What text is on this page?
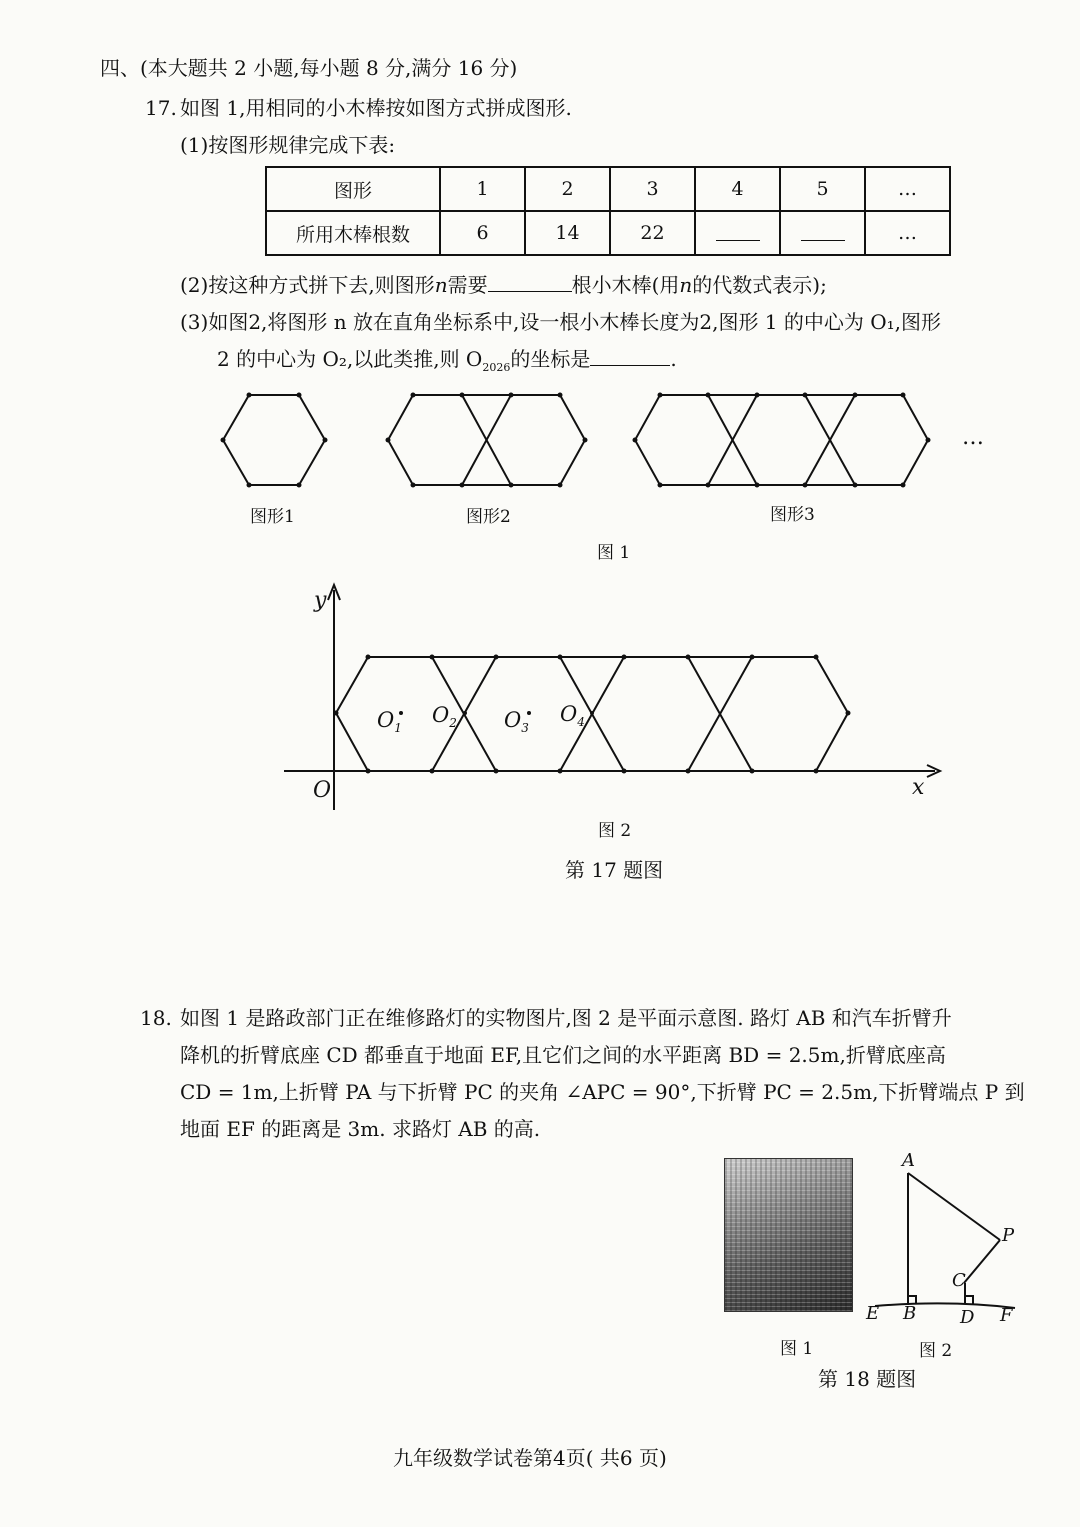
四、(本大题共 2 小题,每小题 8 分,满分 16 分)
17. 如图 1,用相同的小木棒按如图方式拼成图形.
(1)按图形规律完成下表:
图形	1	2	3	4	5	…
所用木棒根数	6	14	22			…
(2)按这种方式拼下去,则图形n需要	根小木棒(用n的代数式表示);
(3)如图2,将图形 n 放在直角坐标系中,设一根小木棒长度为2,图形 1 的中心为 O₁,图形
2 的中心为 O₂,以此类推,则 $O_{2026}$的坐标是	.
…
图形1	图形2	图形3
图 1
y
x
O
$O_1$
$O_2$ $O_3$
$O_4$
图 2
第 17 题图
18. 如图 1 是路政部门正在维修路灯的实物图片,图 2 是平面示意图. 路灯 AB 和汽车折臂升
降机的折臂底座 CD 都垂直于地面 EF,且它们之间的水平距离 BD = 2.5m,折臂底座高
CD = 1m,上折臂 PA 与下折臂 PC 的夹角 ∠APC = 90°,下折臂 PC = 2.5m,下折臂端点 P 到
地面 EF 的距离是 3m. 求路灯 AB 的高.
图 1
A
P
C
E B D F
图 2
第 18 题图
九年级数学试卷第4页( 共6 页)
